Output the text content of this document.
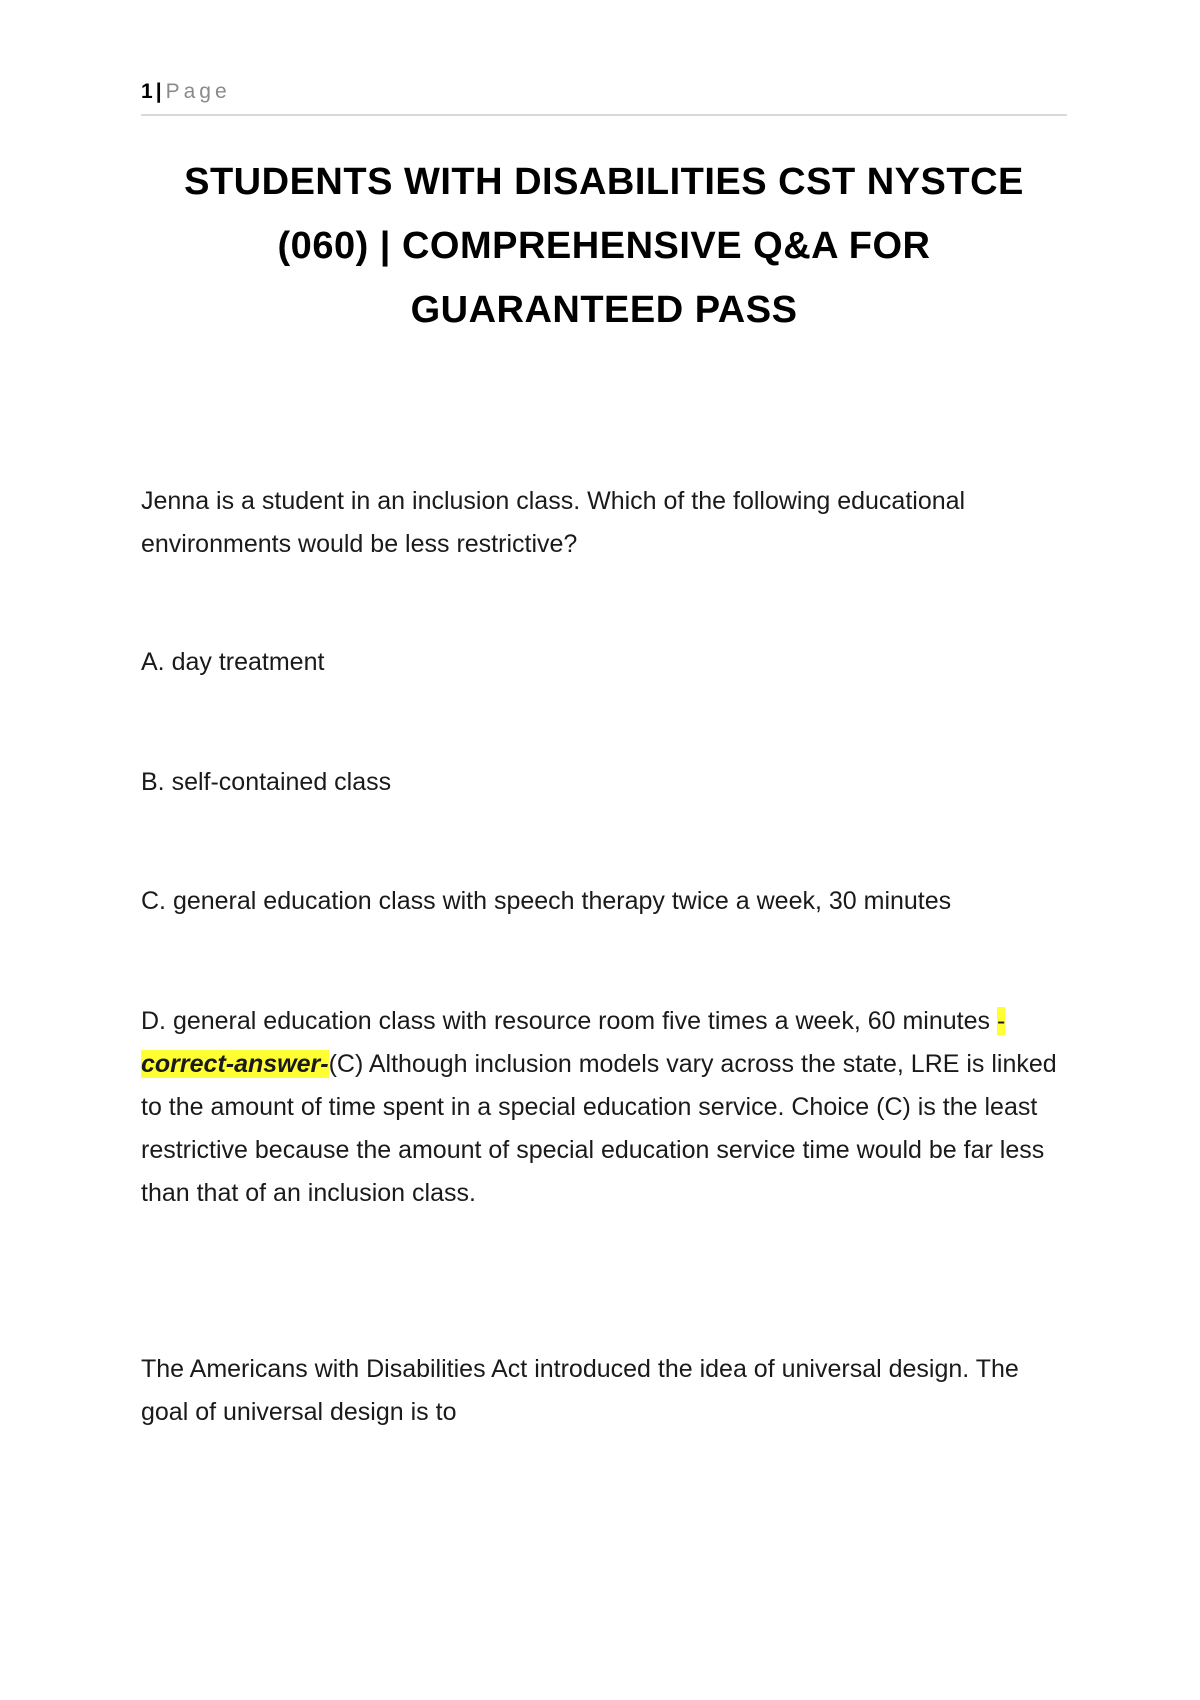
1 | Page
STUDENTS WITH DISABILITIES CST NYSTCE (060) | COMPREHENSIVE Q&A FOR GUARANTEED PASS

Jenna is a student in an inclusion class. Which of the following educational environments would be less restrictive?

A. day treatment

B. self-contained class

C. general education class with speech therapy twice a week, 30 minutes

D. general education class with resource room five times a week, 60 minutes - correct-answer-(C) Although inclusion models vary across the state, LRE is linked to the amount of time spent in a special education service. Choice (C) is the least restrictive because the amount of special education service time would be far less than that of an inclusion class.

The Americans with Disabilities Act introduced the idea of universal design. The goal of universal design is to
